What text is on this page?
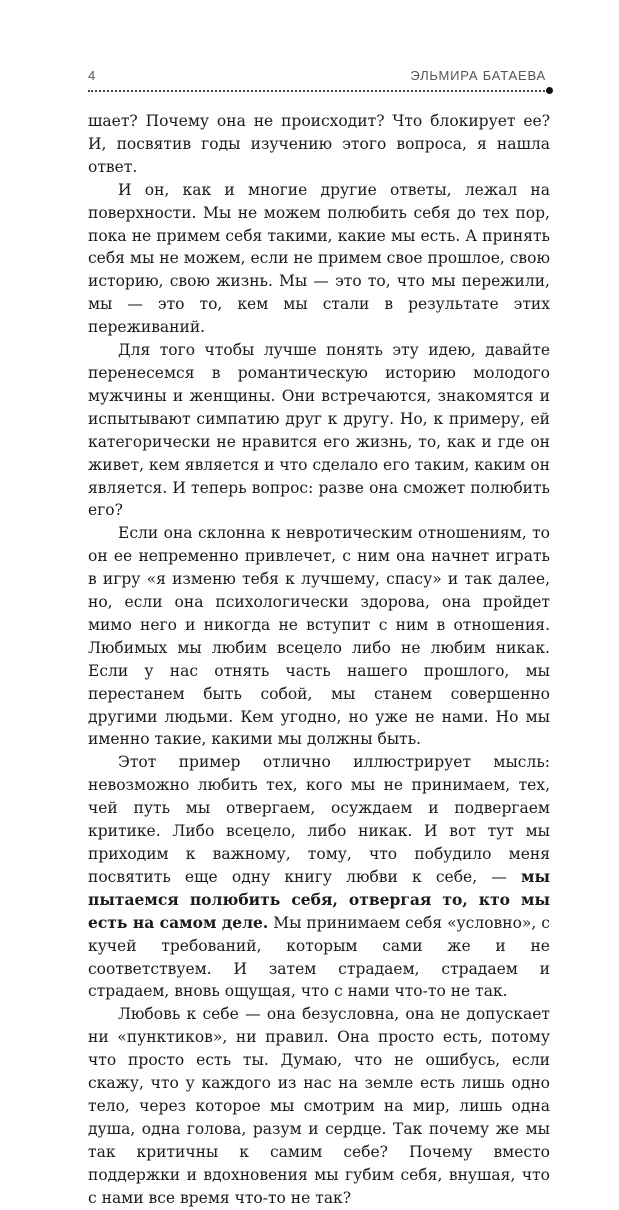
4	ЭЛЬМИРА БАТАЕВА

шает? Почему она не происходит? Что блокирует ее? И, посвятив годы изучению этого вопроса, я нашла ответ.

И он, как и многие другие ответы, лежал на поверхности. Мы не можем полюбить себя до тех пор, пока не примем себя такими, какие мы есть. А принять себя мы не можем, если не примем свое прошлое, свою историю, свою жизнь. Мы — это то, что мы пережили, мы — это то, кем мы стали в результате этих переживаний.

Для того чтобы лучше понять эту идею, давайте перенесемся в романтическую историю молодого мужчины и женщины. Они встречаются, знакомятся и испытывают симпатию друг к другу. Но, к примеру, ей категорически не нравится его жизнь, то, как и где он живет, кем является и что сделало его таким, каким он является. И теперь вопрос: разве она сможет полюбить его?

Если она склонна к невротическим отношениям, то он ее непременно привлечет, с ним она начнет играть в игру «я изменю тебя к лучшему, спасу» и так далее, но, если она психологически здорова, она пройдет мимо него и никогда не вступит с ним в отношения. Любимых мы любим всецело либо не любим никак. Если у нас отнять часть нашего прошлого, мы перестанем быть собой, мы станем совершенно другими людьми. Кем угодно, но уже не нами. Но мы именно такие, какими мы должны быть.

Этот пример отлично иллюстрирует мысль: невозможно любить тех, кого мы не принимаем, тех, чей путь мы отвергаем, осуждаем и подвергаем критике. Либо всецело, либо никак. И вот тут мы приходим к важному, тому, что побудило меня посвятить еще одну книгу любви к себе, — мы пытаемся полюбить себя, отвергая то, кто мы есть на самом деле. Мы принимаем себя «условно», с кучей требований, которым сами же и не соответствуем. И затем страдаем, страдаем и страдаем, вновь ощущая, что с нами что-то не так.

Любовь к себе — она безусловна, она не допускает ни «пунктиков», ни правил. Она просто есть, потому что просто есть ты. Думаю, что не ошибусь, если скажу, что у каждого из нас на земле есть лишь одно тело, через которое мы смотрим на мир, лишь одна душа, одна голова, разум и сердце. Так почему же мы так критичны к самим себе? Почему вместо поддержки и вдохновения мы губим себя, внушая, что с нами все время что-то не так?
